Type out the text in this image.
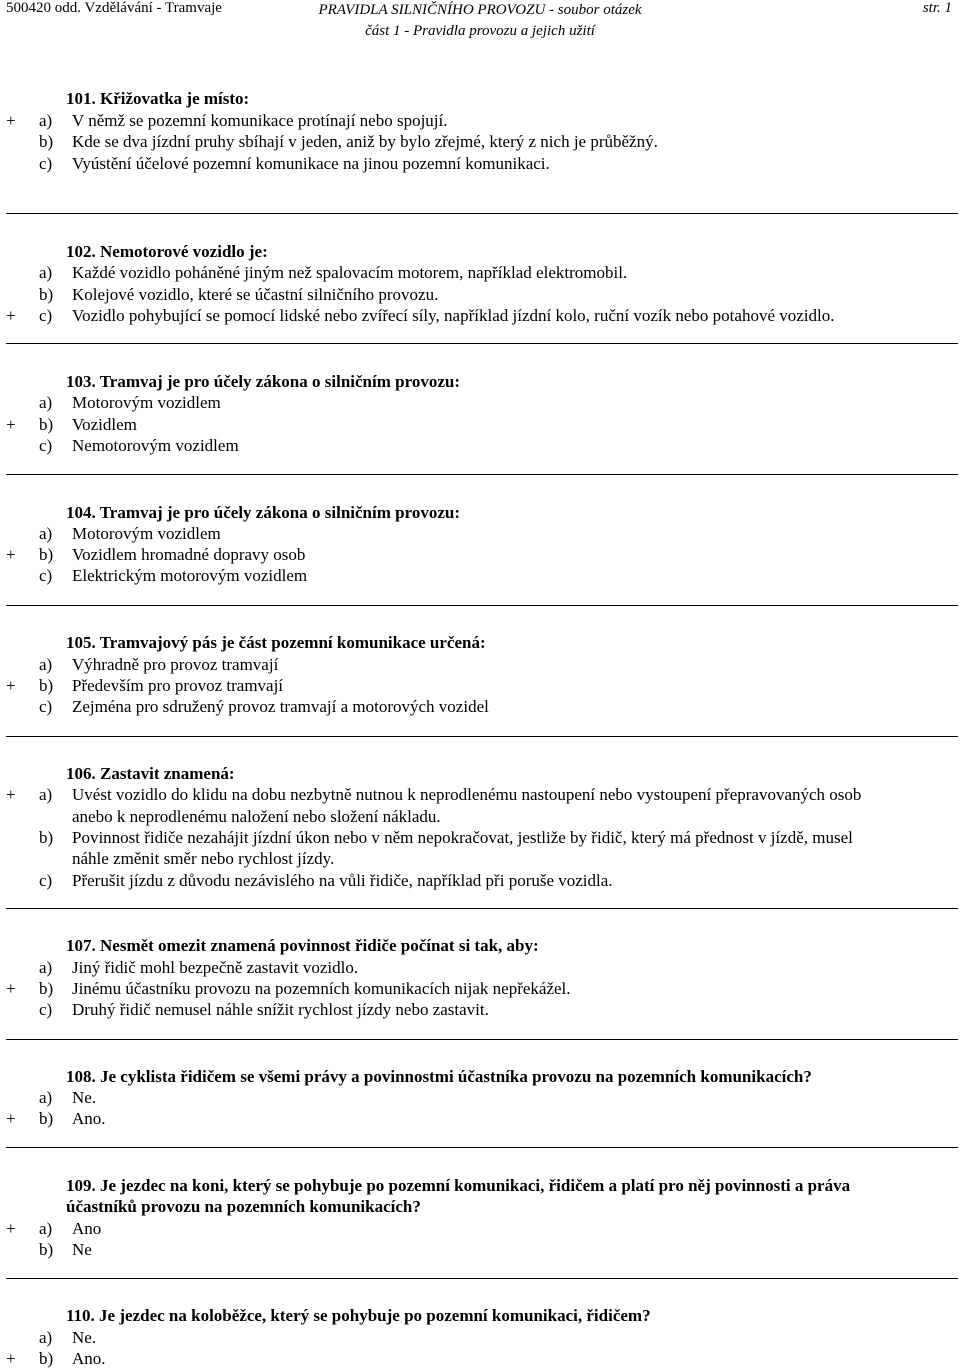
500420 odd. Vzdělávání - Tramvaje	PRAVIDLA SILNIČNÍHO PROVOZU - soubor otázek
část 1 - Pravidla provozu a jejich užití
str. 1
101. Křižovatka je místo:
+ a) V němž se pozemní komunikace protínají nebo spojují.
b) Kde se dva jízdní pruhy sbíhají v jeden, aniž by bylo zřejmé, který z nich je průběžný.
c) Vyústění účelové pozemní komunikace na jinou pozemní komunikaci.
102. Nemotorové vozidlo je:
a) Každé vozidlo poháněné jiným než spalovacím motorem, například elektromobil.
b) Kolejové vozidlo, které se účastní silničního provozu.
+ c) Vozidlo pohybující se pomocí lidské nebo zvířecí síly, například jízdní kolo, ruční vozík nebo potahové vozidlo.
103. Tramvaj je pro účely zákona o silničním provozu:
a) Motorovým vozidlem
+ b) Vozidlem
c) Nemotorovým vozidlem
104. Tramvaj je pro účely zákona o silničním provozu:
a) Motorovým vozidlem
+ b) Vozidlem hromadné dopravy osob
c) Elektrickým motorovým vozidlem
105. Tramvajový pás je část pozemní komunikace určená:
a) Výhradně pro provoz tramvají
+ b) Především pro provoz tramvají
c) Zejména pro sdružený provoz tramvají a motorových vozidel
106. Zastavit znamená:
+ a) Uvést vozidlo do klidu na dobu nezbytně nutnou k neprodlenému nastoupení nebo vystoupení přepravovaných osob
anebo k neprodlenému naložení nebo složení nákladu.
b) Povinnost řidiče nezahájit jízdní úkon nebo v něm nepokračovat, jestliže by řidič, který má přednost v jízdě, musel
náhle změnit směr nebo rychlost jízdy.
c) Přerušit jízdu z důvodu nezávislého na vůli řidiče, například při poruše vozidla.
107. Nesmět omezit znamená povinnost řidiče počínat si tak, aby:
a) Jiný řidič mohl bezpečně zastavit vozidlo.
+ b) Jinému účastníku provozu na pozemních komunikacích nijak nepřekážel.
c) Druhý řidič nemusel náhle snížit rychlost jízdy nebo zastavit.
108. Je cyklista řidičem se všemi právy a povinnostmi účastníka provozu na pozemních komunikacích?
a) Ne.
+ b) Ano.
109. Je jezdec na koni, který se pohybuje po pozemní komunikaci, řidičem a platí pro něj povinnosti a práva
účastníků provozu na pozemních komunikacích?
+ a) Ano
b) Ne
110. Je jezdec na koloběžce, který se pohybuje po pozemní komunikaci, řidičem?
a) Ne.
+ b) Ano.
